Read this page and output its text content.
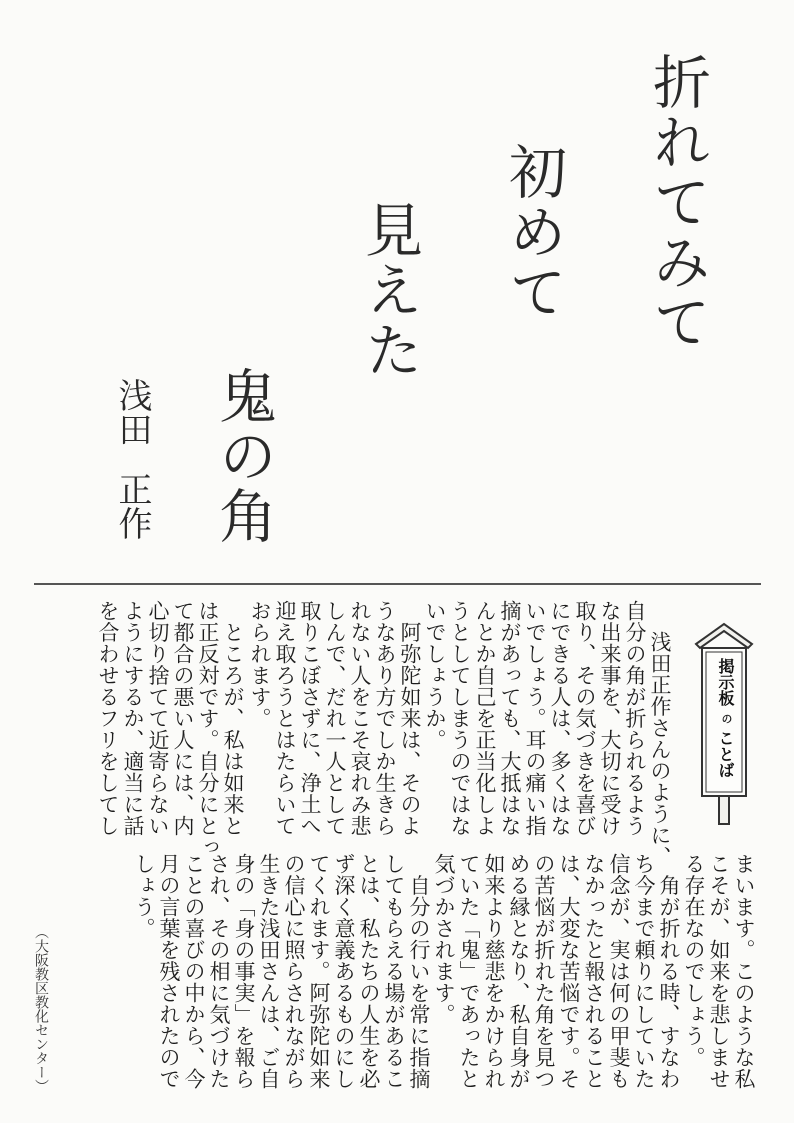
折れてみて
初めて
見えた
鬼の角
浅田
正作
掲示板
の
ことば
浅田正作さんのように、
自分の角が折られるよう
な出来事を、大切に受け
取り、その気づきを喜び
にできる人は、多くはな
いでしょう。耳の痛い指
摘があっても、大抵はな
んとか自己を正当化しよ
うとしてしまうのではな
いでしょうか。
　阿弥陀如来は、そのよ
うなあり方でしか生きら
れない人をこそ哀れみ悲
しんで、だれ一人として
取りこぼさずに、浄土へ
迎え取ろうとはたらいて
おられます。
　ところが、私は如来と
は正反対です。自分にとっ
て都合の悪い人には、内
心切り捨てて近寄らない
ようにするか、適当に話
を合わせるフリをしてし
まいます。このような私
こそが、如来を悲しませ
る存在なのでしょう。
　角が折れる時、すなわ
ち今まで頼りにしていた
信念が、実は何の甲斐も
なかったと報されること
は、大変な苦悩です。そ
の苦悩が折れた角を見つ
める縁となり、私自身が
如来より慈悲をかけられ
ていた「鬼」であったと
気づかされます。
　自分の行いを常に指摘
してもらえる場があるこ
とは、私たちの人生を必
ず深く意義あるものにし
てくれます。阿弥陀如来
の信心に照らされながら
生きた浅田さんは、ご自
身の「身の事実」を報ら
され、その相に気づけた
ことの喜びの中から、今
月の言葉を残されたので
しょう。
（大阪教区教化センター）
